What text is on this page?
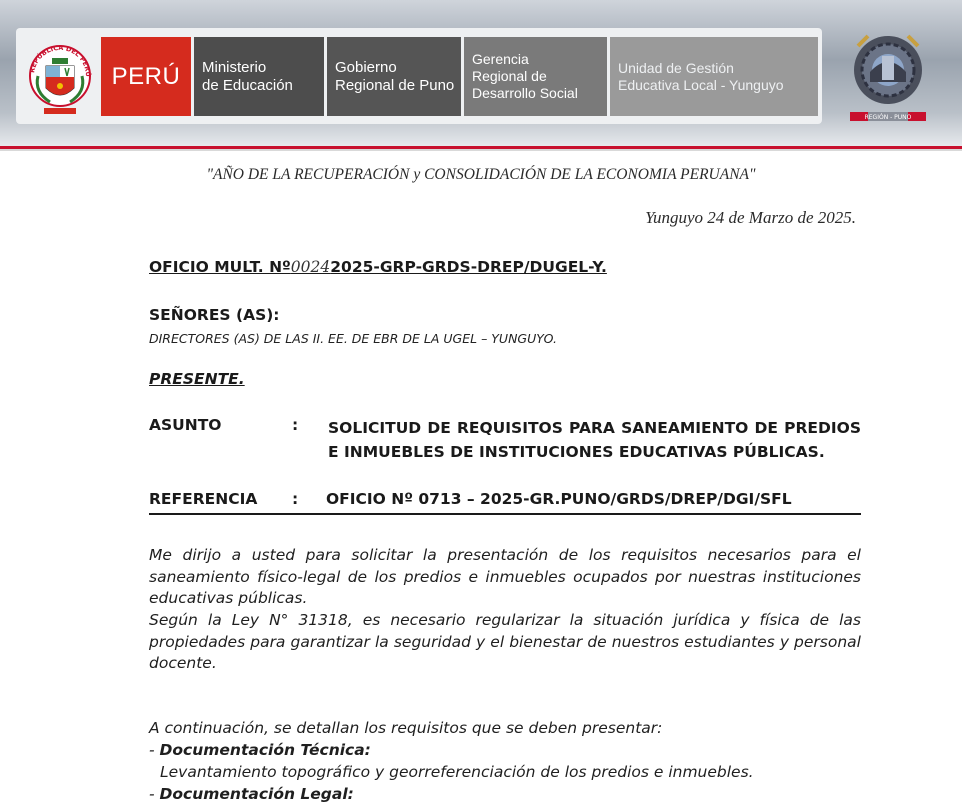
REPÚBLICA DEL PERÚ PERÚ Ministerio
de Educación
Gobierno
Regional de Puno
Gerencia
Regional de
Desarrollo Social
Unidad de Gestión
Educativa Local - Yunguyo
REGIÓN - PUNO
"AÑO DE LA RECUPERACIÓN y CONSOLIDACIÓN DE LA ECONOMIA PERUANA"
Yunguyo 24 de Marzo de 2025.
OFICIO MULT. Nº00242025-GRP-GRDS-DREP/DUGEL-Y.
SEÑORES (AS):
DIRECTORES (AS) DE LAS II. EE. DE EBR DE LA UGEL – YUNGUYO.
PRESENTE.
ASUNTO	: SOLICITUD DE REQUISITOS PARA SANEAMIENTO DE PREDIOS E INMUEBLES DE INSTITUCIONES EDUCATIVAS PÚBLICAS.
REFERENCIA : OFICIO Nº 0713 – 2025-GR.PUNO/GRDS/DREP/DGI/SFL
Me dirijo a usted para solicitar la presentación de los requisitos necesarios para el saneamiento físico-legal de los predios e inmuebles ocupados por nuestras instituciones educativas públicas.
Según la Ley N° 31318, es necesario regularizar la situación jurídica y física de las propiedades para garantizar la seguridad y el bienestar de nuestros estudiantes y personal docente.
A continuación, se detallan los requisitos que se deben presentar:
- Documentación Técnica:
Levantamiento topográfico y georreferenciación de los predios e inmuebles.
- Documentación Legal:
